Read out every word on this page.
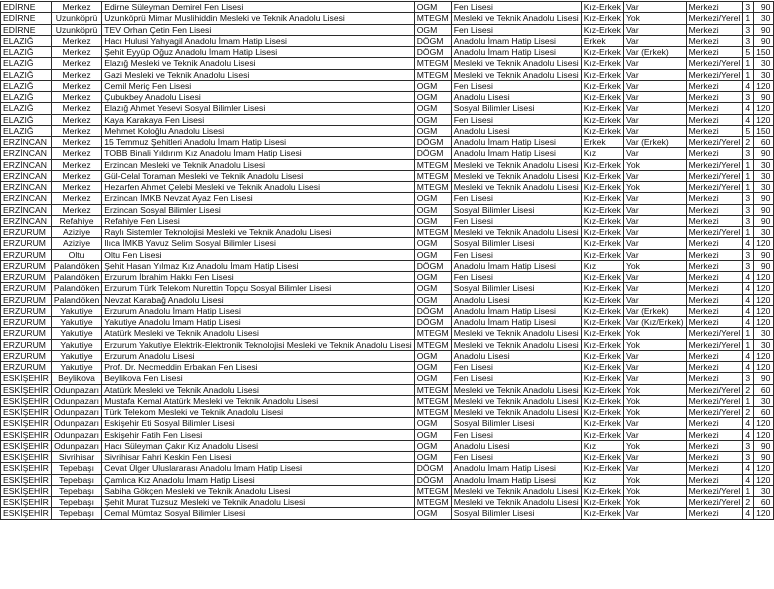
EDİRNE	Merkez	Edirne Süleyman Demirel Fen Lisesi	OGM	Fen Lisesi	Kız-Erkek	Var	Merkezi	3	90
EDİRNE	Uzunköprü	Uzunköprü Mimar Muslihiddin Mesleki ve Teknik Anadolu Lisesi	MTEGM	Mesleki ve Teknik Anadolu Lisesi	Kız-Erkek	Yok	Merkezi/Yerel	1	30
EDİRNE	Uzunköprü	TEV Orhan Çetin Fen Lisesi	OGM	Fen Lisesi	Kız-Erkek	Var	Merkezi	3	90
ELAZIĞ	Merkez	Hacı Hulusi Yahyagil Anadolu İmam Hatip Lisesi	DÖGM	Anadolu İmam Hatip Lisesi	Erkek	Var	Merkezi	3	90
ELAZIĞ	Merkez	Şehit Eyyüp Oğuz Anadolu İmam Hatip Lisesi	DÖGM	Anadolu İmam Hatip Lisesi	Kız-Erkek	Var (Erkek)	Merkezi	5	150
ELAZIĞ	Merkez	Elazığ Mesleki ve Teknik Anadolu Lisesi	MTEGM	Mesleki ve Teknik Anadolu Lisesi	Kız-Erkek	Var	Merkezi/Yerel	1	30
ELAZIĞ	Merkez	Gazi Mesleki ve Teknik Anadolu Lisesi	MTEGM	Mesleki ve Teknik Anadolu Lisesi	Kız-Erkek	Var	Merkezi/Yerel	1	30
ELAZIĞ	Merkez	Cemil Meriç Fen Lisesi	OGM	Fen Lisesi	Kız-Erkek	Var	Merkezi	4	120
ELAZIĞ	Merkez	Çubukbey Anadolu Lisesi	OGM	Anadolu Lisesi	Kız-Erkek	Var	Merkezi	3	90
ELAZIĞ	Merkez	Elazığ Ahmet Yesevi Sosyal Bilimler Lisesi	OGM	Sosyal Bilimler Lisesi	Kız-Erkek	Var	Merkezi	4	120
ELAZIĞ	Merkez	Kaya Karakaya Fen Lisesi	OGM	Fen Lisesi	Kız-Erkek	Var	Merkezi	4	120
ELAZIĞ	Merkez	Mehmet Koloğlu Anadolu Lisesi	OGM	Anadolu Lisesi	Kız-Erkek	Var	Merkezi	5	150
ERZİNCAN	Merkez	15 Temmuz Şehitleri Anadolu İmam Hatip Lisesi	DÖGM	Anadolu İmam Hatip Lisesi	Erkek	Var (Erkek)	Merkezi/Yerel	2	60
ERZİNCAN	Merkez	TOBB Binali Yıldırım Kız Anadolu İmam Hatip Lisesi	DÖGM	Anadolu İmam Hatip Lisesi	Kız	Var	Merkezi	3	90
ERZİNCAN	Merkez	Erzincan Mesleki ve Teknik Anadolu Lisesi	MTEGM	Mesleki ve Teknik Anadolu Lisesi	Kız-Erkek	Yok	Merkezi/Yerel	1	30
ERZİNCAN	Merkez	Gül-Celal Toraman Mesleki ve Teknik Anadolu Lisesi	MTEGM	Mesleki ve Teknik Anadolu Lisesi	Kız-Erkek	Var	Merkezi/Yerel	1	30
ERZİNCAN	Merkez	Hezarfen Ahmet Çelebi Mesleki ve Teknik Anadolu Lisesi	MTEGM	Mesleki ve Teknik Anadolu Lisesi	Kız-Erkek	Yok	Merkezi/Yerel	1	30
ERZİNCAN	Merkez	Erzincan İMKB Nevzat Ayaz Fen Lisesi	OGM	Fen Lisesi	Kız-Erkek	Var	Merkezi	3	90
ERZİNCAN	Merkez	Erzincan Sosyal Bilimler Lisesi	OGM	Sosyal Bilimler Lisesi	Kız-Erkek	Var	Merkezi	3	90
ERZİNCAN	Refahiye	Refahiye Fen Lisesi	OGM	Fen Lisesi	Kız-Erkek	Var	Merkezi	3	90
ERZURUM	Aziziye	Raylı Sistemler Teknolojisi Mesleki ve Teknik Anadolu Lisesi	MTEGM	Mesleki ve Teknik Anadolu Lisesi	Kız-Erkek	Var	Merkezi/Yerel	1	30
ERZURUM	Aziziye	Ilıca İMKB Yavuz Selim Sosyal Bilimler Lisesi	OGM	Sosyal Bilimler Lisesi	Kız-Erkek	Var	Merkezi	4	120
ERZURUM	Oltu	Oltu Fen Lisesi	OGM	Fen Lisesi	Kız-Erkek	Var	Merkezi	3	90
ERZURUM	Palandöken	Şehit Hasan Yılmaz Kız Anadolu İmam Hatip Lisesi	DÖGM	Anadolu İmam Hatip Lisesi	Kız	Yok	Merkezi	3	90
ERZURUM	Palandöken	Erzurum İbrahim Hakkı Fen Lisesi	OGM	Fen Lisesi	Kız-Erkek	Var	Merkezi	4	120
ERZURUM	Palandöken	Erzurum Türk Telekom Nurettin Topçu Sosyal Bilimler Lisesi	OGM	Sosyal Bilimler Lisesi	Kız-Erkek	Var	Merkezi	4	120
ERZURUM	Palandöken	Nevzat Karabağ Anadolu Lisesi	OGM	Anadolu Lisesi	Kız-Erkek	Var	Merkezi	4	120
ERZURUM	Yakutiye	Erzurum Anadolu İmam Hatip Lisesi	DÖGM	Anadolu İmam Hatip Lisesi	Kız-Erkek	Var (Erkek)	Merkezi	4	120
ERZURUM	Yakutiye	Yakutiye Anadolu İmam Hatip Lisesi	DÖGM	Anadolu İmam Hatip Lisesi	Kız-Erkek	Var (Kız/Erkek)	Merkezi	4	120
ERZURUM	Yakutiye	Atatürk Mesleki ve Teknik Anadolu Lisesi	MTEGM	Mesleki ve Teknik Anadolu Lisesi	Kız-Erkek	Yok	Merkezi/Yerel	1	30
ERZURUM	Yakutiye	Erzurum Yakutiye Elektrik-Elektronik Teknolojisi Mesleki ve Teknik Anadolu Lisesi	MTEGM	Mesleki ve Teknik Anadolu Lisesi	Kız-Erkek	Yok	Merkezi/Yerel	1	30
ERZURUM	Yakutiye	Erzurum Anadolu Lisesi	OGM	Anadolu Lisesi	Kız-Erkek	Var	Merkezi	4	120
ERZURUM	Yakutiye	Prof. Dr. Necmeddin Erbakan Fen Lisesi	OGM	Fen Lisesi	Kız-Erkek	Var	Merkezi	4	120
ESKİŞEHİR	Beylikova	Beylikova Fen Lisesi	OGM	Fen Lisesi	Kız-Erkek	Var	Merkezi	3	90
ESKİŞEHİR	Odunpazarı	Atatürk Mesleki ve Teknik Anadolu Lisesi	MTEGM	Mesleki ve Teknik Anadolu Lisesi	Kız-Erkek	Yok	Merkezi/Yerel	2	60
ESKİŞEHİR	Odunpazarı	Mustafa Kemal Atatürk Mesleki ve Teknik Anadolu Lisesi	MTEGM	Mesleki ve Teknik Anadolu Lisesi	Kız-Erkek	Yok	Merkezi/Yerel	1	30
ESKİŞEHİR	Odunpazarı	Türk Telekom Mesleki ve Teknik Anadolu Lisesi	MTEGM	Mesleki ve Teknik Anadolu Lisesi	Kız-Erkek	Yok	Merkezi/Yerel	2	60
ESKİŞEHİR	Odunpazarı	Eskişehir Eti Sosyal Bilimler Lisesi	OGM	Sosyal Bilimler Lisesi	Kız-Erkek	Var	Merkezi	4	120
ESKİŞEHİR	Odunpazarı	Eskişehir Fatih Fen Lisesi	OGM	Fen Lisesi	Kız-Erkek	Var	Merkezi	4	120
ESKİŞEHİR	Odunpazarı	Hacı Süleyman Çakır Kız Anadolu Lisesi	OGM	Anadolu Lisesi	Kız	Yok	Merkezi	3	90
ESKİŞEHİR	Sivrihisar	Sivrihisar Fahri Keskin Fen Lisesi	OGM	Fen Lisesi	Kız-Erkek	Var	Merkezi	3	90
ESKİŞEHİR	Tepebaşı	Cevat Ülger Uluslararası Anadolu İmam Hatip Lisesi	DÖGM	Anadolu İmam Hatip Lisesi	Kız-Erkek	Var	Merkezi	4	120
ESKİŞEHİR	Tepebaşı	Çamlıca Kız Anadolu İmam Hatip Lisesi	DÖGM	Anadolu İmam Hatip Lisesi	Kız	Yok	Merkezi	4	120
ESKİŞEHİR	Tepebaşı	Sabiha Gökçen Mesleki ve Teknik Anadolu Lisesi	MTEGM	Mesleki ve Teknik Anadolu Lisesi	Kız-Erkek	Yok	Merkezi/Yerel	1	30
ESKİŞEHİR	Tepebaşı	Şehit Murat Tuzsuz Mesleki ve Teknik Anadolu Lisesi	MTEGM	Mesleki ve Teknik Anadolu Lisesi	Kız-Erkek	Yok	Merkezi/Yerel	2	60
ESKİŞEHİR	Tepebaşı	Cemal Mümtaz Sosyal Bilimler Lisesi	OGM	Sosyal Bilimler Lisesi	Kız-Erkek	Var	Merkezi	4	120
